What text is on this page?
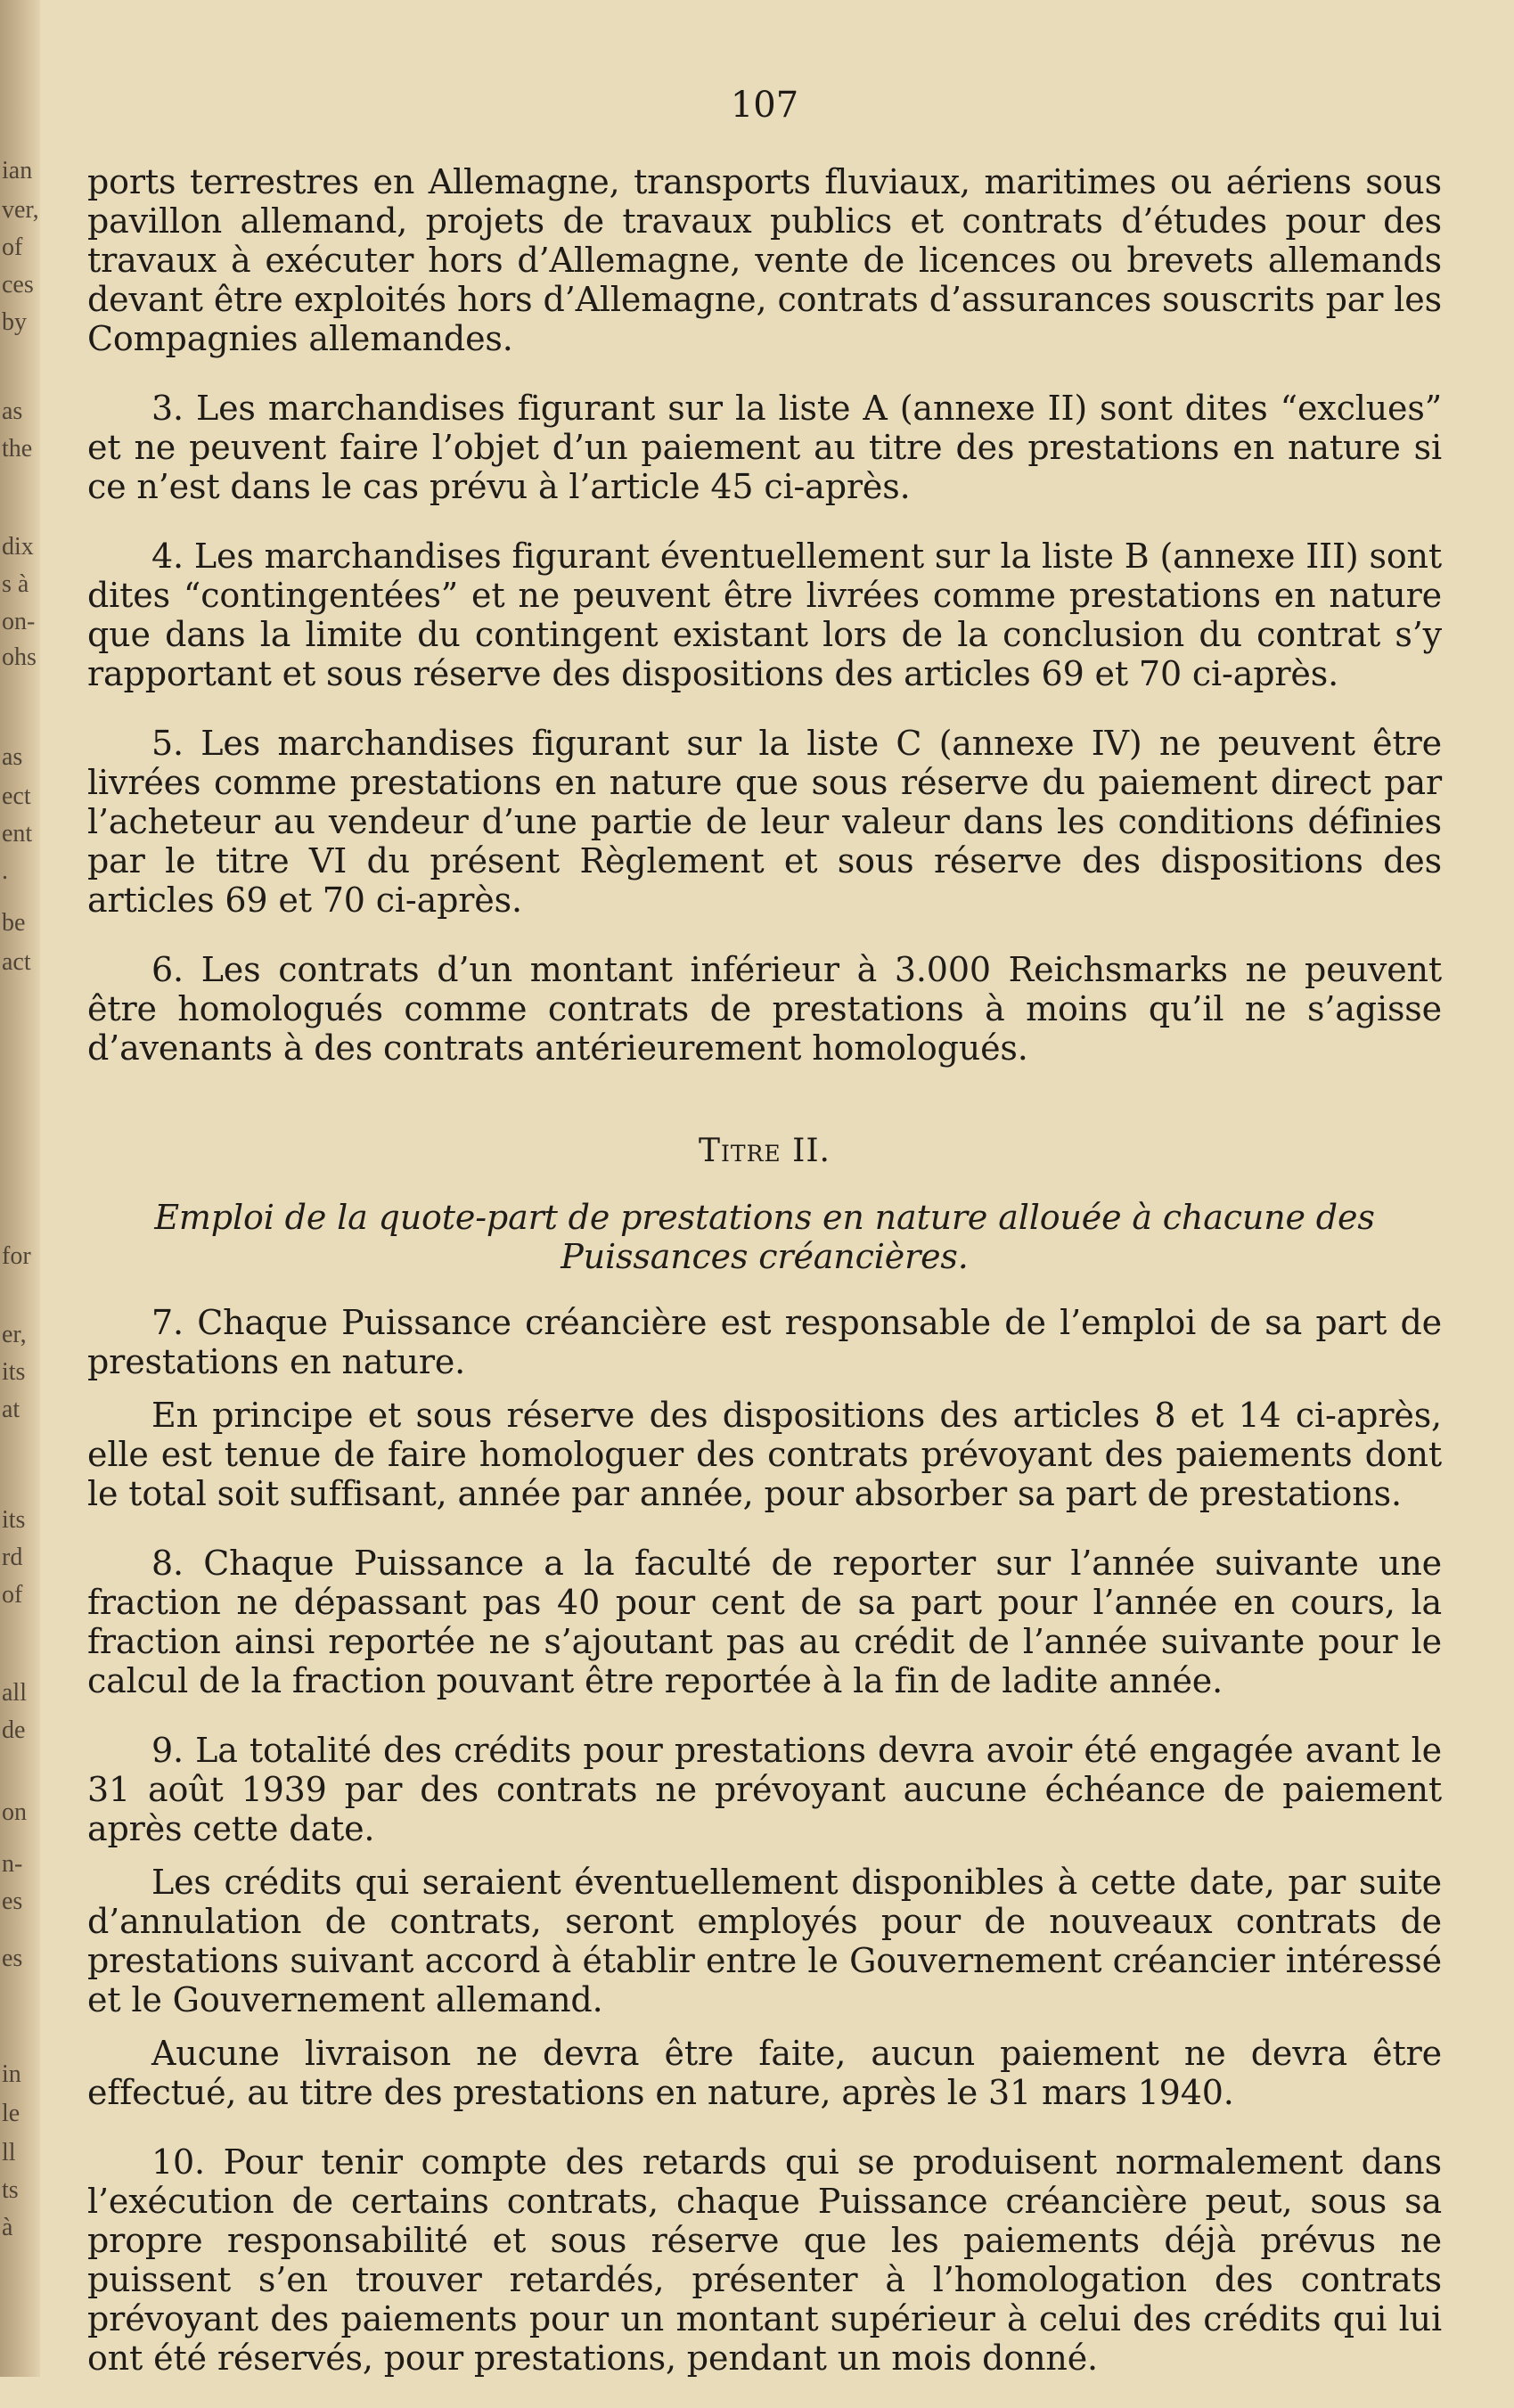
ian
ver,
of
ces
by
as
the
dix
s à
on-
ohs
as
ect
ent
.
be
act
for
er,
its
at
its
rd
of
all
de
on
n-
es
es
in
le
ll
ts
à
107

ports terrestres en Allemagne, transports fluviaux, maritimes ou aériens sous pavillon allemand, projets de travaux publics et contrats d’études pour des travaux à exécuter hors d’Allemagne, vente de licences ou brevets allemands devant être exploités hors d’Allemagne, contrats d’assurances souscrits par les Compagnies allemandes.

3. Les marchandises figurant sur la liste A (annexe II) sont dites “exclues” et ne peuvent faire l’objet d’un paiement au titre des prestations en nature si ce n’est dans le cas prévu à l’article 45 ci-après.

4. Les marchandises figurant éventuellement sur la liste B (annexe III) sont dites “contingentées” et ne peuvent être livrées comme prestations en nature que dans la limite du contingent existant lors de la conclusion du contrat s’y rapportant et sous réserve des dispositions des articles 69 et 70 ci-après.

5. Les marchandises figurant sur la liste C (annexe IV) ne peuvent être livrées comme prestations en nature que sous réserve du paiement direct par l’acheteur au vendeur d’une partie de leur valeur dans les conditions définies par le titre VI du présent Règlement et sous réserve des dispositions des articles 69 et 70 ci-après.

6. Les contrats d’un montant inférieur à 3.000 Reichsmarks ne peuvent être homologués comme contrats de prestations à moins qu’il ne s’agisse d’avenants à des contrats antérieurement homologués.

Titre II.
Emploi de la quote-part de prestations en nature allouée à chacune des Puissances créancières.

7. Chaque Puissance créancière est responsable de l’emploi de sa part de prestations en nature.

En principe et sous réserve des dispositions des articles 8 et 14 ci-après, elle est tenue de faire homologuer des contrats prévoyant des paiements dont le total soit suffisant, année par année, pour absorber sa part de prestations.

8. Chaque Puissance a la faculté de reporter sur l’année suivante une fraction ne dépassant pas 40 pour cent de sa part pour l’année en cours, la fraction ainsi reportée ne s’ajoutant pas au crédit de l’année suivante pour le calcul de la fraction pouvant être reportée à la fin de ladite année.

9. La totalité des crédits pour prestations devra avoir été engagée avant le 31 août 1939 par des contrats ne prévoyant aucune échéance de paiement après cette date.

Les crédits qui seraient éventuellement disponibles à cette date, par suite d’annulation de contrats, seront employés pour de nouveaux contrats de prestations suivant accord à établir entre le Gouvernement créancier intéressé et le Gouvernement allemand.

Aucune livraison ne devra être faite, aucun paiement ne devra être effectué, au titre des prestations en nature, après le 31 mars 1940.

10. Pour tenir compte des retards qui se produisent normalement dans l’exécution de certains contrats, chaque Puissance créancière peut, sous sa propre responsabilité et sous réserve que les paiements déjà prévus ne puissent s’en trouver retardés, présenter à l’homologation des contrats prévoyant des paiements pour un montant supérieur à celui des crédits qui lui ont été réservés, pour prestations, pendant un mois donné.
